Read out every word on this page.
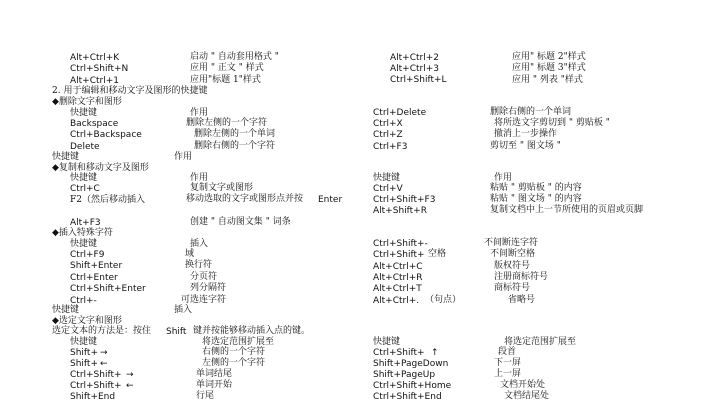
Alt+Ctrl+K	启动 " 自动套用格式 "	Alt+Ctrl+2	应用" 标题 2"样式
Ctrl+Shift+N	应用 " 正文 " 样式	Alt+Ctrl+3	应用" 标题 3"样式
Alt+Ctrl+1	应用"标题 1"样式	Ctrl+Shift+L	应用 " 列表 "样式
2. 用于编辑和移动文字及图形的快捷键
◆删除文字和图形
快捷键	作用
Backspace	删除左侧的一个字符
Ctrl+Delete	删除右侧的一个单词
Ctrl+Backspace	删除左侧的一个单词
Ctrl+X	将所选文字剪切到 " 剪贴板 "
Delete	删除右侧的一个字符
Ctrl+Z	撤消上一步操作
Ctrl+F3	剪切至 " 图文场 "
快捷键	作用
◆复制和移动文字及图形
快捷键	作用	快捷键	作用
Ctrl+C	复制文字或图形	Ctrl+V	粘贴 " 剪贴板 " 的内容
F2（然后移动插入	移动选取的文字或图形点并按 Enter	Ctrl+Shift+F3	粘贴 " 图文场 " 的内容
Alt+Shift+R	复制文档中上一节所使用的页眉或页脚
Alt+F3	创建 " 自动图文集 " 词条
◆插入特殊字符
快捷键	插入
Ctrl+F9	域
Ctrl+Shift+-	不间断连字符
Shift+Enter	换行符
Ctrl+Shift+ 空格	不间断空格
Ctrl+Enter	分页符
Alt+Ctrl+C	版权符号
Ctrl+Shift+Enter	列分隔符
Alt+Ctrl+R	注册商标符号
Ctrl+-	可选连字符
Alt+Ctrl+T	商标符号
Alt+Ctrl+. （句点）	省略号
快捷键	插入
◆选定文字和图形
选定文本的方法是：按住 Shift 键并按能够移动插入点的键。
快捷键	将选定范围扩展至	快捷键	将选定范围扩展至
Shift+ →	右侧的一个字符	Ctrl+Shift+ ↑	段首
Shift+ ←	左侧的一个字符	Shift+PageDown	下一屏
Ctrl+Shift+ →	单词结尾	Shift+PageUp	上一屏
Ctrl+Shift+ ←	单词开始	Ctrl+Shift+Home	文档开始处
Shift+End	行尾	Ctrl+Shift+End	文档结尾处
